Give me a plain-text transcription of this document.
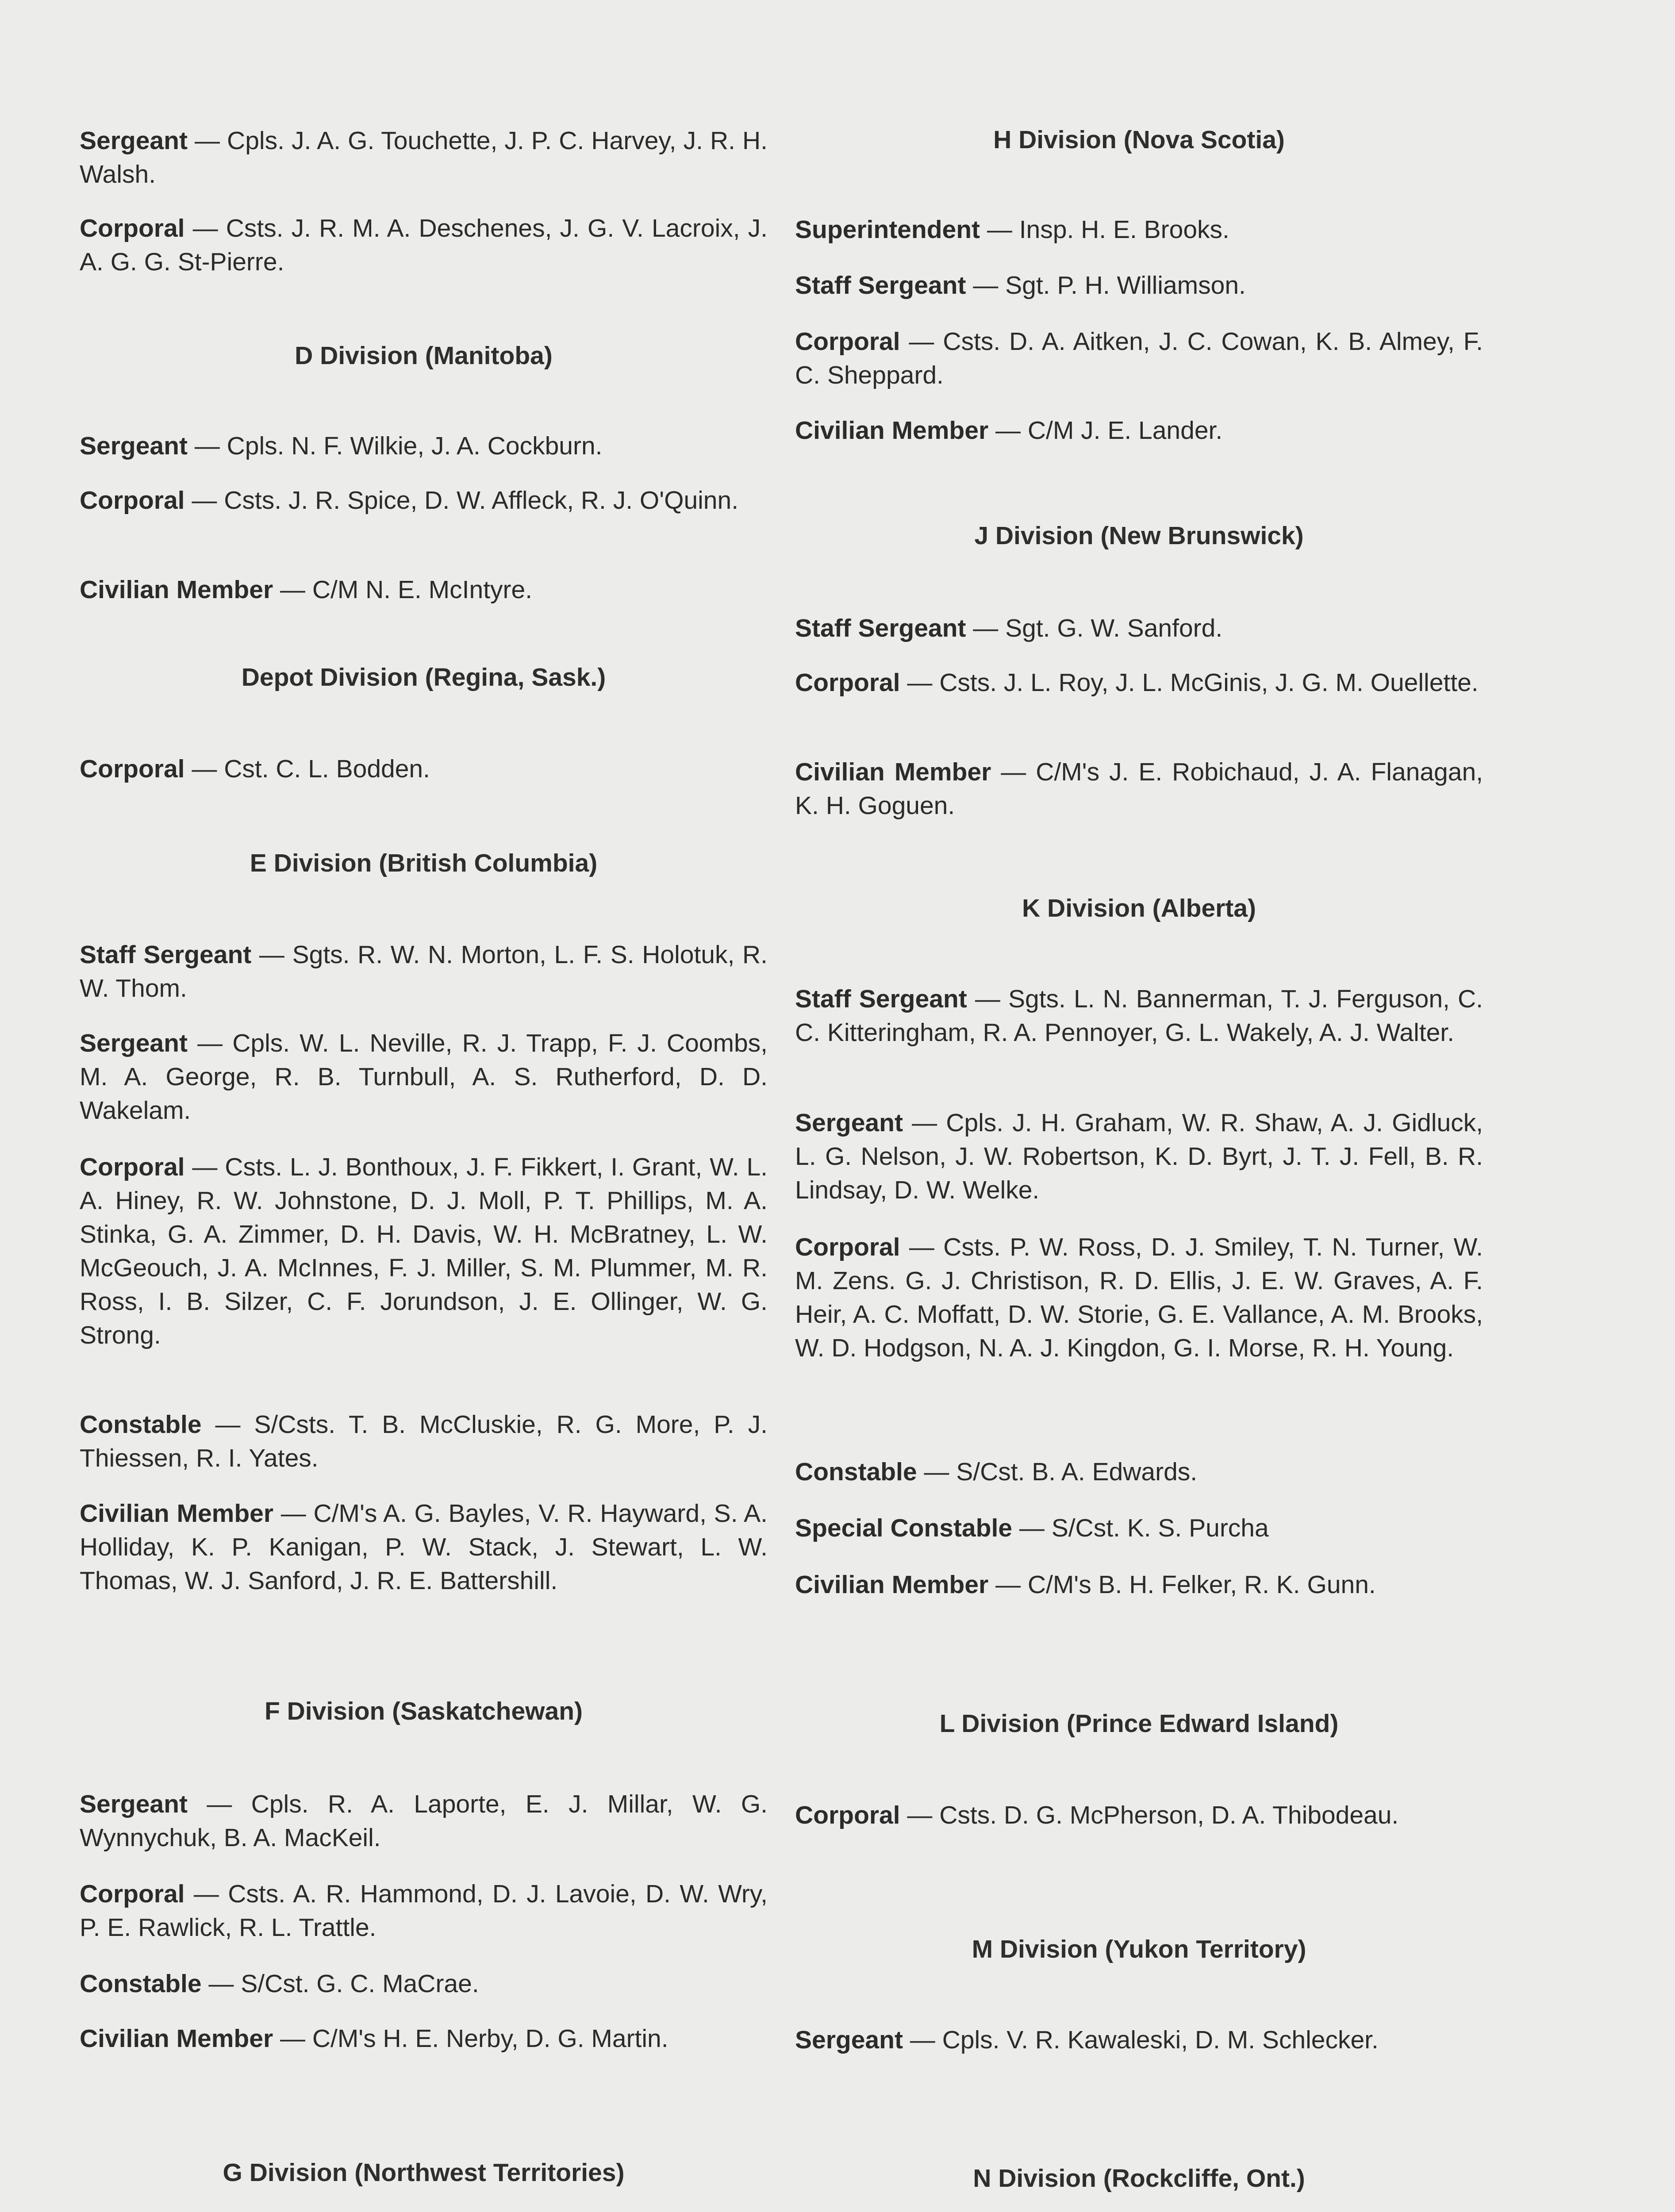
Sergeant — Cpls. J. A. G. Touchette, J. P. C. Harvey, J. R. H. Walsh.
Corporal — Csts. J. R. M. A. Deschenes, J. G. V. Lacroix, J. A. G. G. St-Pierre.
D Division (Manitoba)
Sergeant — Cpls. N. F. Wilkie, J. A. Cockburn.
Corporal — Csts. J. R. Spice, D. W. Affleck, R. J. O'Quinn.
Civilian Member — C/M N. E. McIntyre.
Depot Division (Regina, Sask.)
Corporal — Cst. C. L. Bodden.
E Division (British Columbia)
Staff Sergeant — Sgts. R. W. N. Morton, L. F. S. Holotuk, R. W. Thom.
Sergeant — Cpls. W. L. Neville, R. J. Trapp, F. J. Coombs, M. A. George, R. B. Turnbull, A. S. Rutherford, D. D. Wakelam.
Corporal — Csts. L. J. Bonthoux, J. F. Fikkert, I. Grant, W. L. A. Hiney, R. W. Johnstone, D. J. Moll, P. T. Phillips, M. A. Stinka, G. A. Zimmer, D. H. Davis, W. H. McBratney, L. W. McGeouch, J. A. McInnes, F. J. Miller, S. M. Plummer, M. R. Ross, I. B. Silzer, C. F. Jorundson, J. E. Ollinger, W. G. Strong.
Constable — S/Csts. T. B. McCluskie, R. G. More, P. J. Thiessen, R. I. Yates.
Civilian Member — C/M's A. G. Bayles, V. R. Hayward, S. A. Holliday, K. P. Kanigan, P. W. Stack, J. Stewart, L. W. Thomas, W. J. Sanford, J. R. E. Battershill.
F Division (Saskatchewan)
Sergeant — Cpls. R. A. Laporte, E. J. Millar, W. G. Wynnychuk, B. A. MacKeil.
Corporal — Csts. A. R. Hammond, D. J. Lavoie, D. W. Wry, P. E. Rawlick, R. L. Trattle.
Constable — S/Cst. G. C. MaCrae.
Civilian Member — C/M's H. E. Nerby, D. G. Martin.
G Division (Northwest Territories)
H Division (Nova Scotia)
Superintendent — Insp. H. E. Brooks.
Staff Sergeant — Sgt. P. H. Williamson.
Corporal — Csts. D. A. Aitken, J. C. Cowan, K. B. Almey, F. C. Sheppard.
Civilian Member — C/M J. E. Lander.
J Division (New Brunswick)
Staff Sergeant — Sgt. G. W. Sanford.
Corporal — Csts. J. L. Roy, J. L. McGinis, J. G. M. Ouellette.
Civilian Member — C/M's J. E. Robichaud, J. A. Flanagan, K. H. Goguen.
K Division (Alberta)
Staff Sergeant — Sgts. L. N. Bannerman, T. J. Ferguson, C. C. Kitteringham, R. A. Pennoyer, G. L. Wakely, A. J. Walter.
Sergeant — Cpls. J. H. Graham, W. R. Shaw, A. J. Gidluck, L. G. Nelson, J. W. Robertson, K. D. Byrt, J. T. J. Fell, B. R. Lindsay, D. W. Welke.
Corporal — Csts. P. W. Ross, D. J. Smiley, T. N. Turner, W. M. Zens. G. J. Christison, R. D. Ellis, J. E. W. Graves, A. F. Heir, A. C. Moffatt, D. W. Storie, G. E. Vallance, A. M. Brooks, W. D. Hodgson, N. A. J. Kingdon, G. I. Morse, R. H. Young.
Constable — S/Cst. B. A. Edwards.
Special Constable — S/Cst. K. S. Purcha
Civilian Member — C/M's B. H. Felker, R. K. Gunn.
L Division (Prince Edward Island)
Corporal — Csts. D. G. McPherson, D. A. Thibodeau.
M Division (Yukon Territory)
Sergeant — Cpls. V. R. Kawaleski, D. M. Schlecker.
N Division (Rockcliffe, Ont.)
